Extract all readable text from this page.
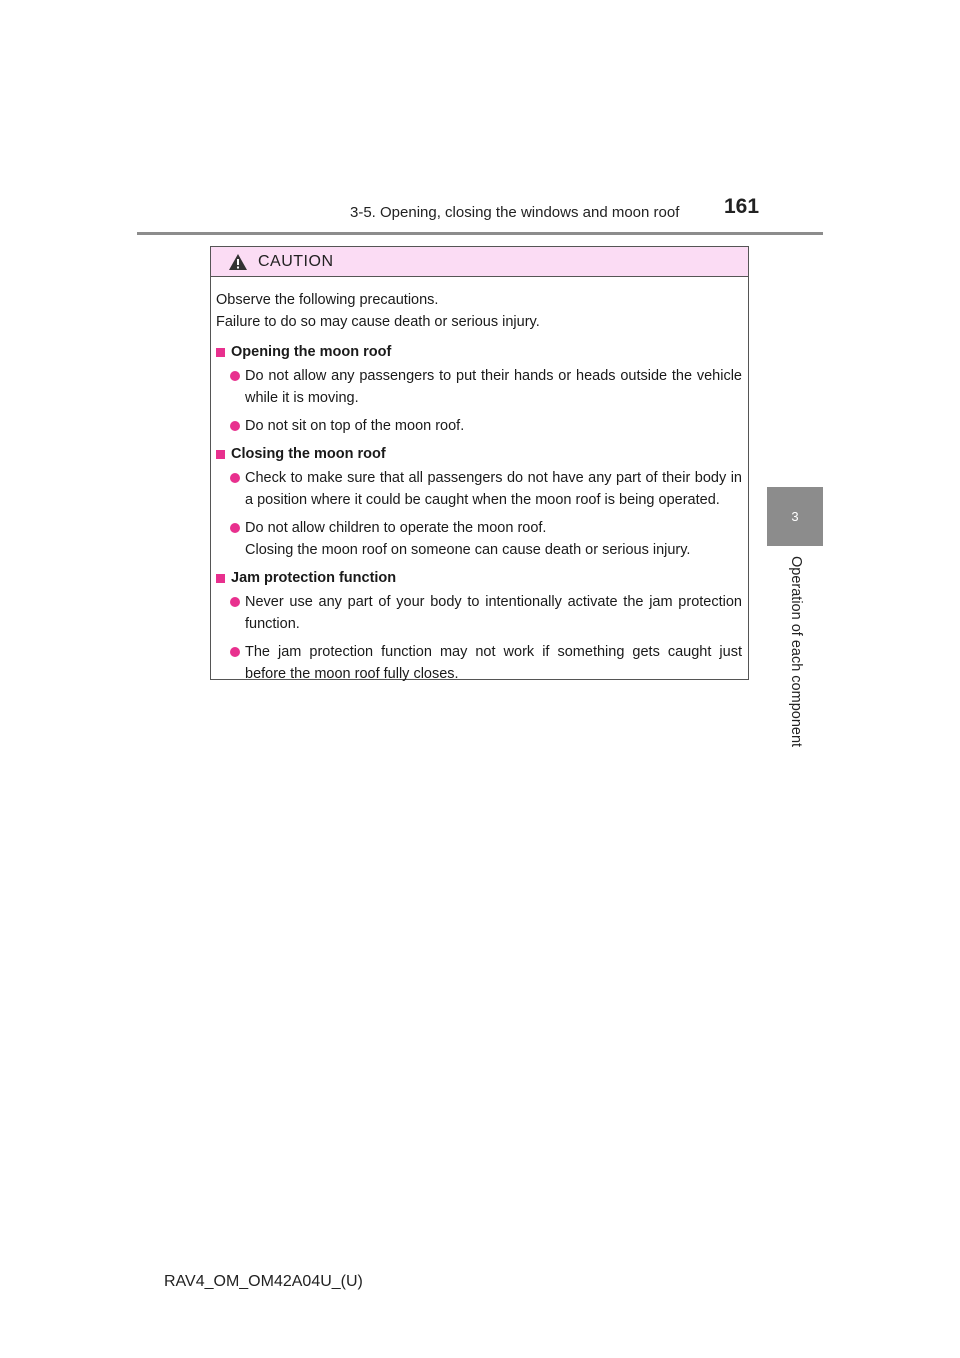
3-5. Opening, closing the windows and moon roof	161
3
Operation of each component
CAUTION
Observe the following precautions.
Failure to do so may cause death or serious injury.
Opening the moon roof
Do not allow any passengers to put their hands or heads outside the vehicle while it is moving.
Do not sit on top of the moon roof.
Closing the moon roof
Check to make sure that all passengers do not have any part of their body in a position where it could be caught when the moon roof is being operated.
Do not allow children to operate the moon roof.
Closing the moon roof on someone can cause death or serious injury.
Jam protection function
Never use any part of your body to intentionally activate the jam protection function.
The jam protection function may not work if something gets caught just before the moon roof fully closes.
RAV4_OM_OM42A04U_(U)
